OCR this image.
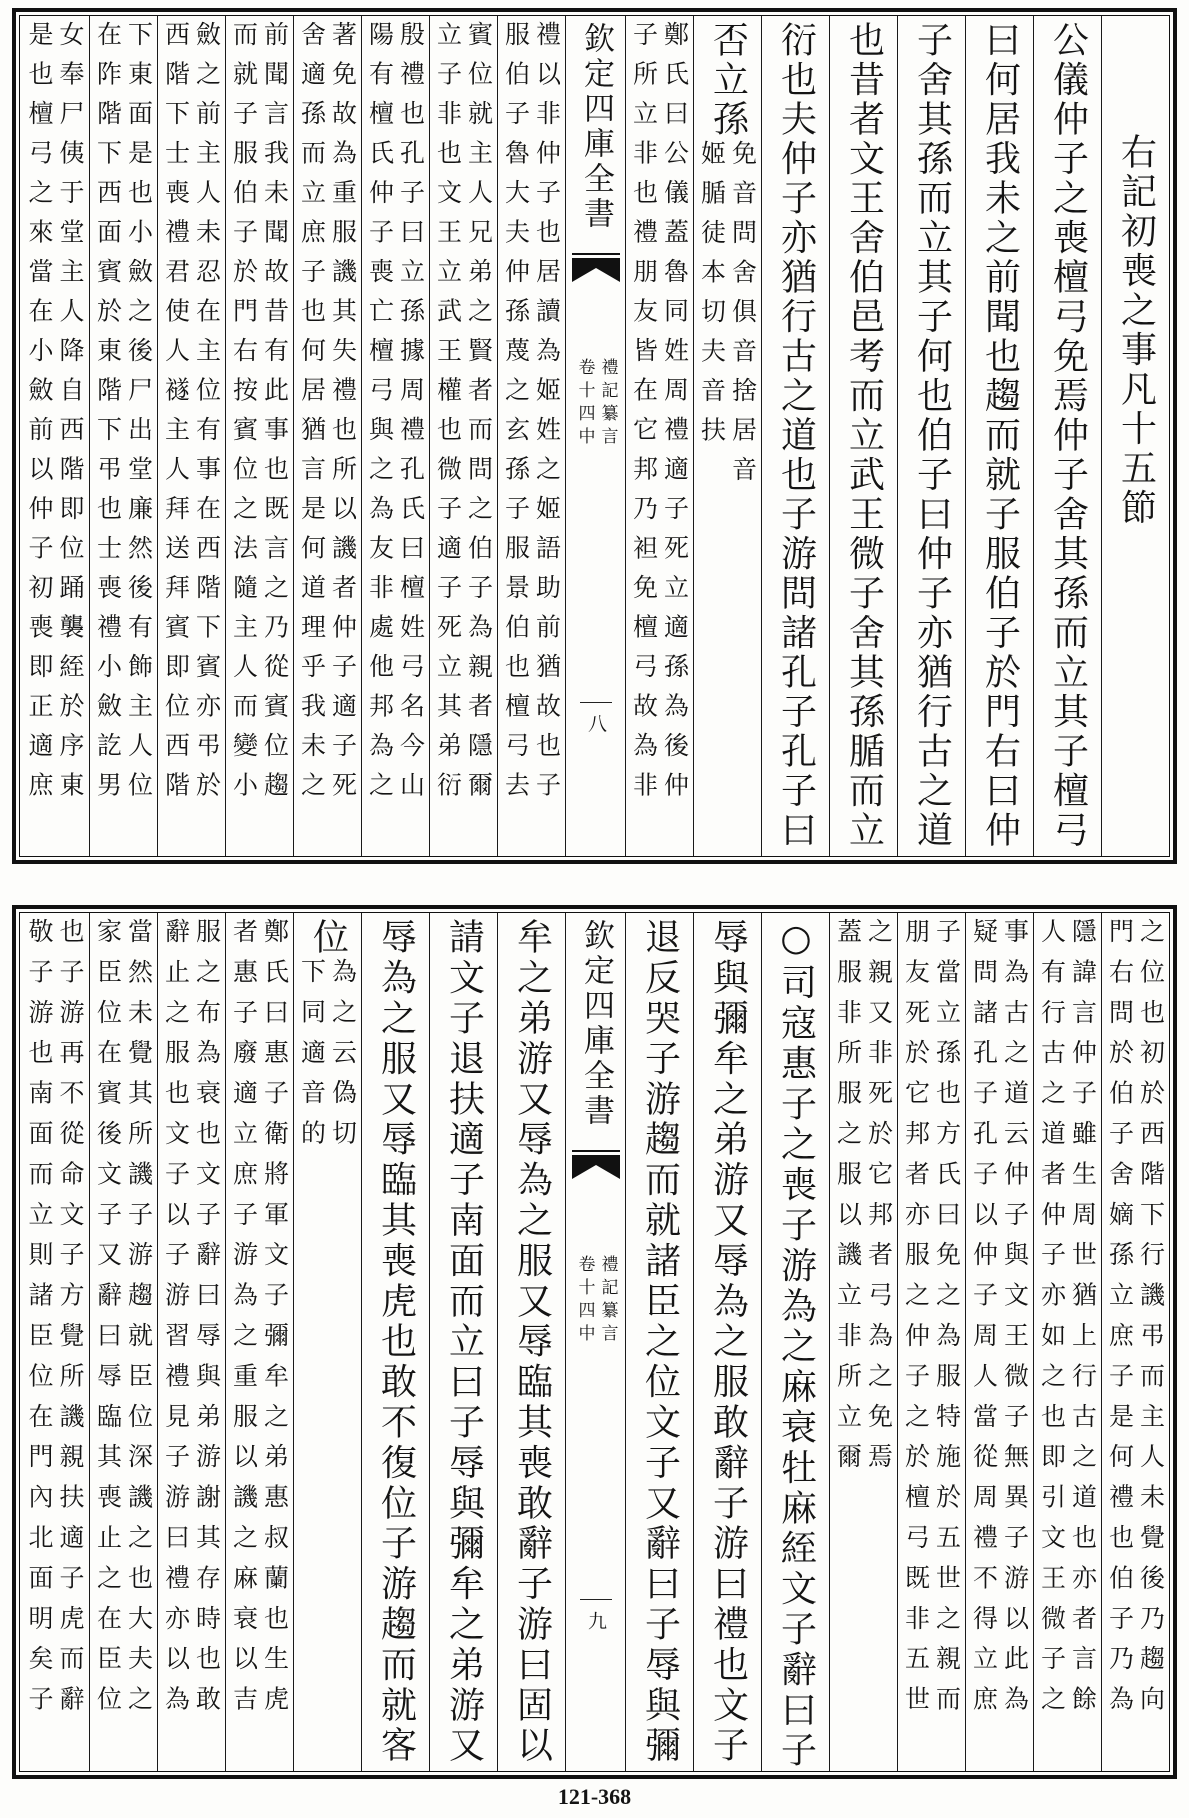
右記初喪之事凡十五節
公儀仲子之喪檀弓免焉仲子舍其孫而立其子檀弓
曰何居我未之前聞也趨而就子服伯子於門右曰仲
子舍其孫而立其子何也伯子曰仲子亦猶行古之道
也昔者文王舍伯邑考而立武王微子舍其孫腯而立
衍也夫仲子亦猶行古之道也子游問諸孔子孔子曰
否立孫
免音問舍俱音捨居音
姬腯徒本切夫音扶
鄭氏曰公儀蓋魯同姓周禮適子死立適孫為後仲
子所立非也禮朋友皆在它邦乃袒免檀弓故為非
欽定四庫全書
禮記纂言
卷十四中
八
禮以非仲子也居讀為姬姓之姬語助前猶故也子
服伯子魯大夫仲孫蔑之玄孫子服景伯也檀弓去
賓位就主人兄弟之賢者而問之伯子為親者隱爾
立子非也文王立武王權也微子適子死立其弟衍
殷禮也孔子曰立孫據周禮孔氏曰檀姓弓名今山
陽有檀氏仲子喪亡檀弓與之為友非處他邦為之
著免故為重服譏其失禮也所以譏者仲子適子死
舍適孫而立庶子也何居猶言是何道理乎我未之
前聞言我未聞故昔有此事也既言之乃從賓位趨
而就子服伯子於門右按賓位之法隨主人而變小
斂之前主人未忍在主位有事在西階下賓亦弔於
西階下士喪禮君使人襚主人拜送拜賓即位西階
下東面是也小斂之後尸出堂廉然後有飾主人位
在阼階下西面賓於東階下弔也士喪禮小斂訖男
女奉尸侇于堂主人降自西階即位踊襲絰於序東
是也檀弓之來當在小斂前以仲子初喪即正適庶
之位也初於西階下行譏弔而主人未覺後乃趨向
門右問於伯子舍嫡孫立庶子是何禮也伯子乃為
隱諱言仲子雖生周世猶上行古之道也亦者言餘
人有行古之道者仲子亦如之也即引文王微子之
事為古之道云仲子與文王微子無異子游以此為
疑問諸孔子孔子以仲子周人當從周禮不得立庶
子當立孫也方氏曰免之為服特施於五世之親而
朋友死於它邦者亦服之仲子之於檀弓既非五世
之親又非死於它邦者弓為之免焉
蓋服非所服之服以譏立非所立爾
○司寇惠子之喪子游為之麻衰牡麻絰文子辭曰子
辱與彌牟之弟游又辱為之服敢辭子游曰禮也文子
退反哭子游趨而就諸臣之位文子又辭曰子辱與彌
欽定四庫全書
禮記纂言
卷十四中
九
牟之弟游又辱為之服又辱臨其喪敢辭子游曰固以
請文子退扶適子南面而立曰子辱與彌牟之弟游又
辱為之服又辱臨其喪虎也敢不復位子游趨而就客
位
為之云偽切
下同適音的
鄭氏曰惠子衛將軍文子彌牟之弟惠叔蘭也生虎
者惠子廢適立庶子游為之重服以譏之麻衰以吉
服之布為衰也文子辭曰辱與弟游謝其存時也敢
辭止之服也文子以子游習禮見子游曰禮亦以為
當然未覺其所譏子游趨就臣位深譏之也大夫之
家臣位在賓後文子又辭曰辱臨其喪止之在臣位
也子游再不從命文子方覺所譏親扶適子虎而辭
敬子游也南面而立則諸臣位在門內北面明矣子
121-368
